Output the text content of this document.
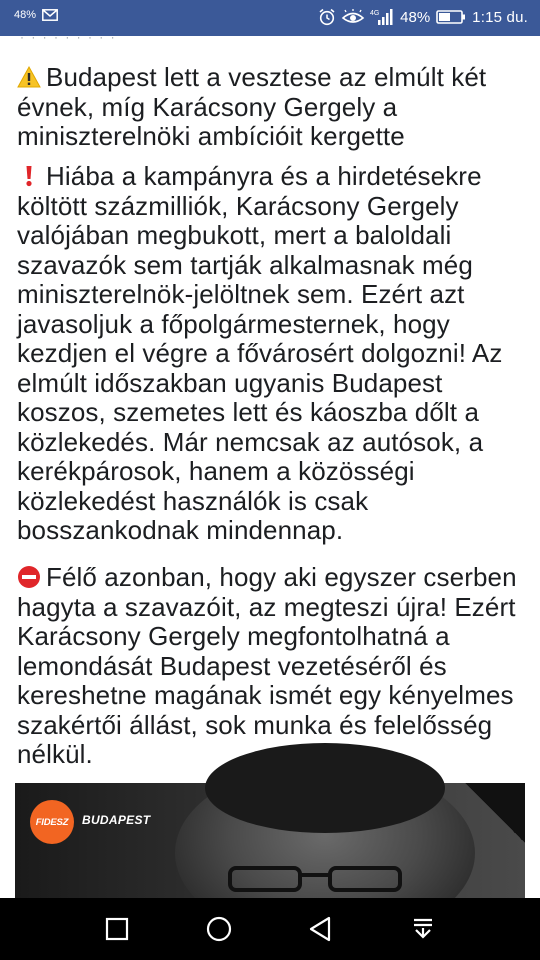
48%	4G 48%	1:15 du.
· · · · · · · · ·
Budapest lett a vesztese az elmúlt két évnek, míg Karácsony Gergely a miniszterelnöki ambícióit kergette
Hiába a kampányra és a hirdetésekre költött százmilliók, Karácsony Gergely valójában megbukott, mert a baloldali szavazók sem tartják alkalmasnak még miniszterelnök-jelöltnek sem. Ezért azt javasoljuk a főpolgármesternek, hogy kezdjen el végre a fővárosért dolgozni! Az elmúlt időszakban ugyanis Budapest koszos, szemetes lett és káoszba dőlt a közlekedés. Már nemcsak az autósok, a kerékpárosok, hanem a közösségi közlekedést használók is csak bosszankodnak mindennap.
Félő azonban, hogy aki egyszer cserben hagyta a szavazóit, az megteszi újra! Ezért Karácsony Gergely megfontolhatná a lemondását Budapest vezetéséről és kereshetne magának ismét egy kényelmes szakértői állást, sok munka és felelősség nélkül.
FIDESZ	BUDAPEST
